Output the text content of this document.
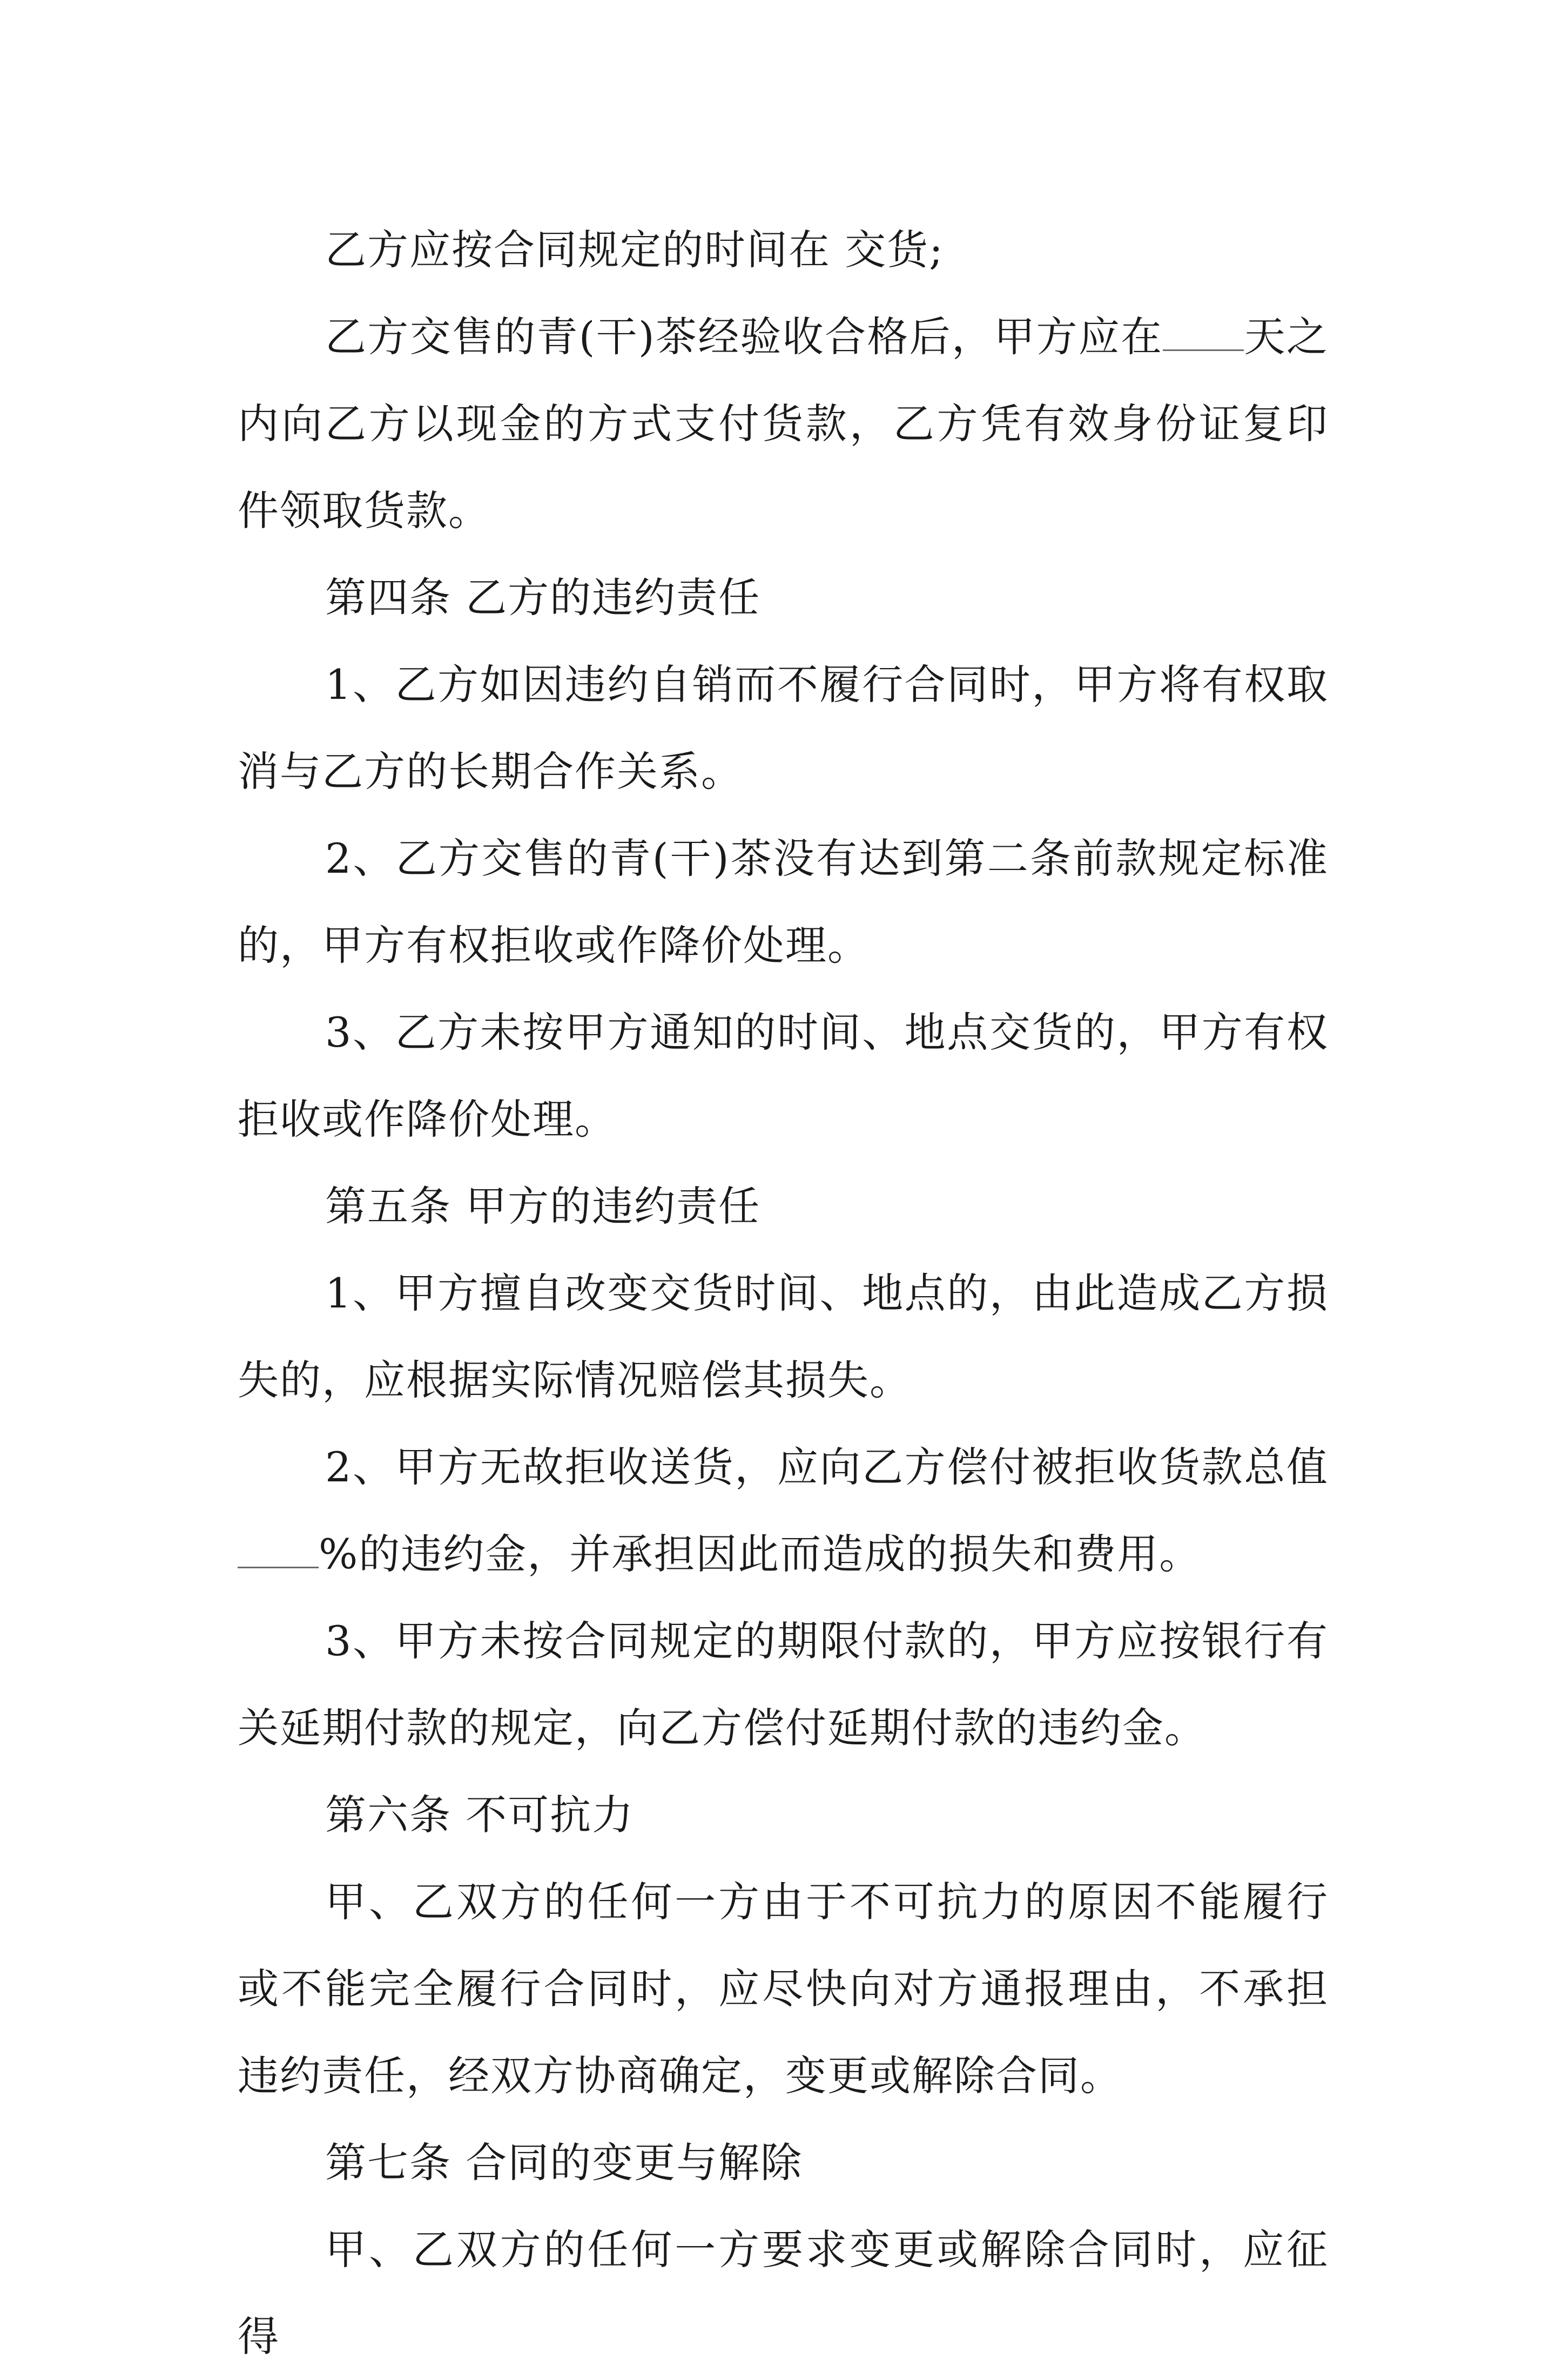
乙方应按合同规定的时间在 交货;

乙方交售的青(干)茶经验收合格后，甲方应在 天之内向乙方以现金的方式支付货款，乙方凭有效身份证复印件领取货款。

第四条 乙方的违约责任

1、乙方如因违约自销而不履行合同时，甲方将有权取消与乙方的长期合作关系。

2、乙方交售的青(干)茶没有达到第二条前款规定标准的，甲方有权拒收或作降价处理。

3、乙方未按甲方通知的时间、地点交货的，甲方有权拒收或作降价处理。

第五条 甲方的违约责任

1、甲方擅自改变交货时间、地点的，由此造成乙方损失的，应根据实际情况赔偿其损失。

2、甲方无故拒收送货，应向乙方偿付被拒收货款总值%的违约金，并承担因此而造成的损失和费用。

3、甲方未按合同规定的期限付款的，甲方应按银行有关延期付款的规定，向乙方偿付延期付款的违约金。

第六条 不可抗力

甲、乙双方的任何一方由于不可抗力的原因不能履行或不能完全履行合同时，应尽快向对方通报理由，不承担违约责任，经双方协商确定，变更或解除合同。

第七条 合同的变更与解除

甲、乙双方的任何一方要求变更或解除合同时，应征得
